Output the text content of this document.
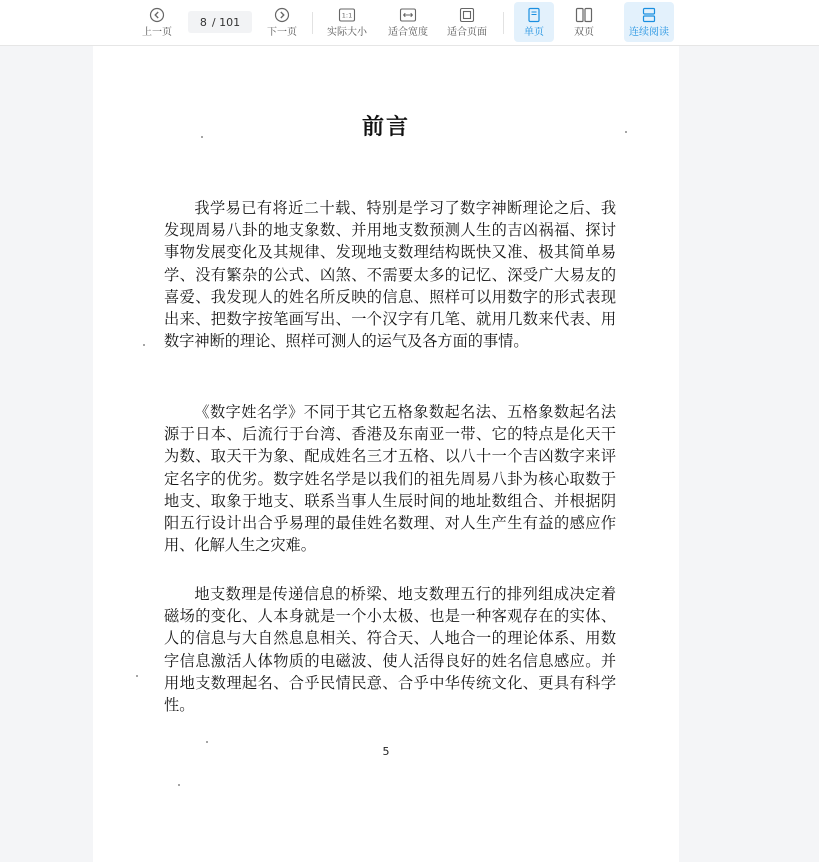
上一页
8 / 101
下一页
1:1
实际大小 适合宽度 适合页面	单页	双页	连续阅读
前言

我学易已有将近二十载、特别是学习了数字神断理论之后、我发现周易八卦的地支象数、并用地支数预测人生的吉凶祸福、探讨事物发展变化及其规律、发现地支数理结构既快又准、极其简单易学、没有繁杂的公式、凶煞、不需要太多的记忆、深受广大易友的喜爱、我发现人的姓名所反映的信息、照样可以用数字的形式表现出来、把数字按笔画写出、一个汉字有几笔、就用几数来代表、用数字神断的理论、照样可测人的运气及各方面的事情。

《数字姓名学》不同于其它五格象数起名法、五格象数起名法源于日本、后流行于台湾、香港及东南亚一带、它的特点是化天干为数、取天干为象、配成姓名三才五格、以八十一个吉凶数字来评定名字的优劣。数字姓名学是以我们的祖先周易八卦为核心取数于地支、取象于地支、联系当事人生辰时间的地址数组合、并根据阴阳五行设计出合乎易理的最佳姓名数理、对人生产生有益的感应作用、化解人生之灾难。

地支数理是传递信息的桥梁、地支数理五行的排列组成决定着磁场的变化、人本身就是一个小太极、也是一种客观存在的实体、人的信息与大自然息息相关、符合天、人地合一的理论体系、用数字信息激活人体物质的电磁波、使人活得良好的姓名信息感应。并用地支数理起名、合乎民情民意、合乎中华传统文化、更具有科学性。

5
